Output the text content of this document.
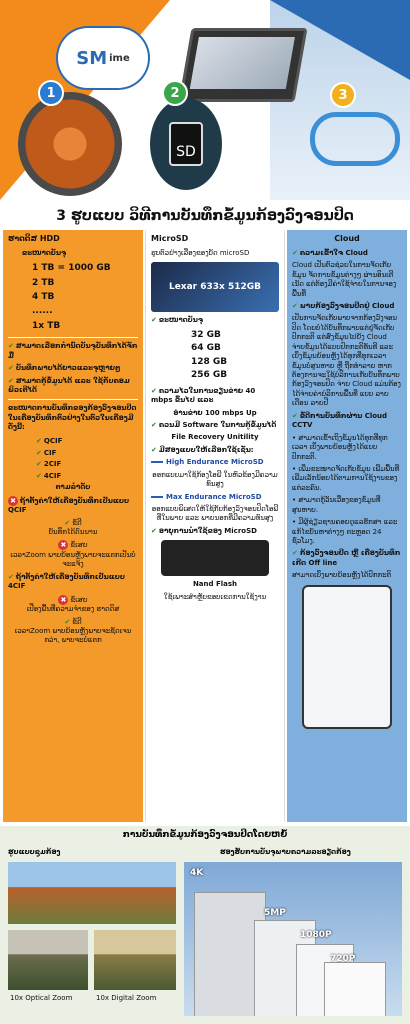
SM ime
SD
1	2	3
3 ຮູບແບບ ວິທີການບັນທຶກຂໍ້ມູນກ້ອງວົງຈອນປິດ
ຮາດດິສ HDD
ຂະໜາດບັນຈຸ
1 TB = 1000 GB
2 TB
4 TB
......
1x TB
✔ ສາມາດເລືອກກຳນົດບັນຈຸບັນທຶກໄດ້ຈັກມື້
✔ ບັນທຶກພາບໄດ້ຍາວແລະຈຸຫຼາຍໆ
✔ ສາມາດກູ້ຂໍ້ມູນໄດ້ ແລະ ໃຊ້ກັບຄອມພິວເຕີໄດ້
ຂະໜາດການບັນທຶກຂອງກ້ອງວົງຈອນປິດ ໃນເຄື່ອງບັນທຶກຕົວຢ່າງໃນຕົວໃນເຄື່ອງມີດັ່ງນີ້:
✔ QCIF
✔ CIF
✔ 2CIF
✔ 4CIF
ຕາມລຳດັບ
✖ ຖ້າຕັ້ງຄ່າໃຫ້ເຄື່ອງບັນທຶກເປັນແບບ QCIF
✔ ຂໍ້ດີ
ບັນທຶກໄດ້ດົນນານ
✖ ຂໍ້ເສຍ
ເວລາZoom ພາບຍ້ອນຫຼັງພາບຈະແຕກເປັນບໍ່ຈະແຈ້ງ
✔ ຖ້າຕັ້ງຄ່າໃຫ້ເຄື່ອງບັນທຶກເປັນແບບ 4CIF
✖ ຂໍ້ເສຍ
ເປືອງພື້ນທີ່ຄວາມຈຳຂອງ ຮາດດິສ
✔ ຂໍ້ດີ
ເວລາZoom ພາບຍ້ອນຫຼັງພາບຈະຊັດເຈນກວ່າ, ພາບຈະບໍ່ແຕກ
MicroSD
ຮູບຕົວຢ່າງເລື່ອງຂອງບັດ microSD
Lexar 633x 512GB
✔ ຂະໜາດບັນຈຸ
32 GB
64 GB
128 GB
256 GB
✔ ຄວາມໄວໃນການຂຽນຂ່າຍ 40 mbps ຂຶ້ນໄປ ແລະ
ອ່ານຂ່າຍ 100 mbps Up
✔ ຄວນມີ Software ໃນການກູ້ຂໍ້ມູນໄດ້
File Recovery Unitility
✔ ມີສອງແບບໃຫ້ເລືອກໃຊ້ເຊັ່ນ:
High Endurance MicroSD
ອອກແບບມາໃຊ້ກ້ອງໂອພີ ໃນຫົວຂ້ອງມີຄວາມທົນສູງ
Max Endurance MicroSD
ອອກແບບພິເສດໃຫ້ໃຊ້ກັບກ້ອງວົງຈອນປິດໂອພີ ທີ່ໃນພາຍ ແລະ ພາຍນອກທີ່ມີຄວາມທົນສູງ
✔ ອາຍຸການນຳໃຊ້ຂອງ MicroSD
Nand Flash
ໃຊ້ເພາະສຳຫຼັບຂອບເຂດການໃຊ້ງານ
Cloud
✔ ຄວາມເຂົ້າໃຈ Cloud
Cloud ເປັນຕົວຊ່ວຍໃນການຈັດເກັບຂໍ້ມູນ ຈັດການຂໍ້ມູນຕ່າງໆ ຜ່ານອິນເຕີເນັດ ແຕ່ຕ້ອງມີຄ່າໃຊ້ຈ່າຍໃນການຈອງພື້ນທີ່
✔ ພາບກ້ອງວົງຈອນປິດຢູ່ Cloud
ເປັນການຈັດເກັບພາບຈາກກ້ອງວົງຈອນປິດ ໂດຍບໍ່ໄດ້ບັນທຶກພາບແຕ່ຢູ່ຈັດເກັບປົກກະຕິ ແຕ່ສົ່ງຂໍ້ມູນໄປຍັງ Cloud ຈ່າຍຂໍ້ມູນໄດ້ແບບປົກກະຕິທັນທີ ແລະ ເບິ່ງຂໍ້ມູນຍ້ອນຫຼັງໄດ້ທຸກທີ່ທຸກເວລາ ຂໍ້ມູນບໍ່ສູນຫາຍ ຫຼື ຖືກທຳລາຍ ຫາກຕ້ອງການຈະໃຊ້ບໍລິການເກັບບັນທຶກພາບກ້ອງວົງຈອນປິດ ຈ່າຍ Cloud ແມ່ນຕ້ອງໄດ້ຈ່າຍຄ່າບໍລິການພື້ນທີ່ ແບບ ລາຍເດືອນ ລາຍປີ
✔ ຂໍ້ດີການບັນທຶກຜ່ານ Cloud CCTV
• ສາມາດເຂົ້າເຖິງຂໍ້ມູນໄດ້ທຸກທີ່ທຸກເວລາ ເບິ່ງພາບຍ້ອນຫຼັງໄດ້ແບບປົກກະຕິ.
• ເພີ່ມຂະໜາດຈັດເກັບຂໍ້ມູນ ເພີ່ມພື້ນທີ່ ເພີ່ມເລັກນ້ອຍໄດ້ຕາມການໃຊ້ງານຂອງແຕ່ລະຄົນ.
• ສາມາດກູ້ວັນເວື່ອງຂອງຂໍ້ມູນທີ່ສູນຫາຍ.
• ມີຜູ້ຊ່ຽວຊານຄອຍດູແລຮັກສາ ແລະ ແກ້ໄຂບັນຫາຕ່າງໆ ຕະຫຼອດ 24 ຊົ່ວໂມງ.
✔ ກ້ອງວົງຈອນປິດ ຫຼື ເຄື່ອງບັນທຶກເກີດ Off line
ສາມາດເບິ່ງພາບຍ້ອນຫຼັງໄດ້ປົກກະຕິ
ການບັນທຶກຂໍ້ມູນກ້ອງວົງຈອນປິດໂດຍຫຍໍ້
ຮູບແບບຊູມກ້ອງ	ຮອງຮັບການບັນຈຸພາບຄວາມລະອຽດກ້ອງ
10x Optical Zoom	10x Digital Zoom
4K
5MP
1080P
720P
